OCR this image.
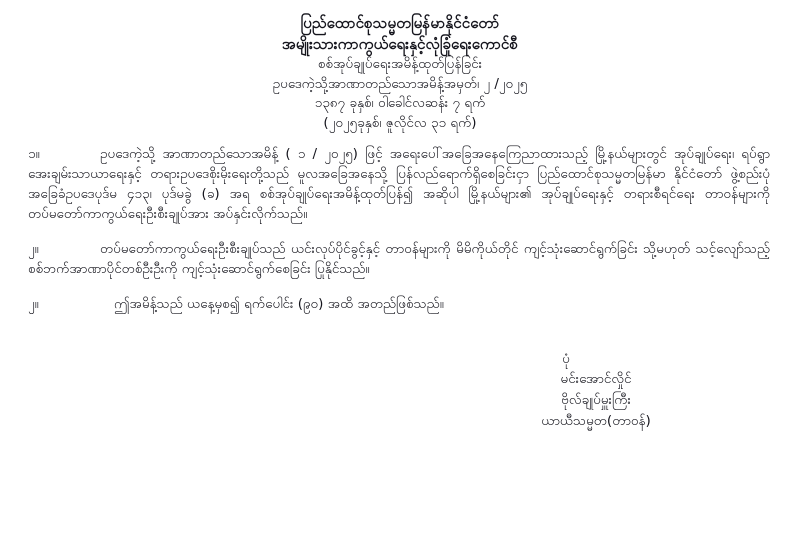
ပြည်ထောင်စုသမ္မတမြန်မာနိုင်ငံတော်
အမျိုးသားကာကွယ်ရေးနှင့်လုံခြုံရေးကောင်စီ
စစ်အုပ်ချုပ်ရေးအမိန့်ထုတ်ပြန်ခြင်း
ဥပဒေကဲ့သို့အာဏာတည်သောအမိန့်အမှတ်၊ ၂ /၂၀၂၅
၁၃၈၇ ခုနှစ်၊ ဝါခေါင်လဆန်း ၇ ရက်
(၂၀၂၅ခုနှစ်၊ ဇူလိုင်လ ၃၁ ရက်)
၁။	ဥပဒေကဲ့သို့ အာဏာတည်သောအမိန့် ( ၁ / ၂၀၂၅) ဖြင့် အရေးပေါ်အခြေအနေကြေညာထားသည့် မြို့နယ်များတွင် အုပ်ချုပ်ရေး၊ ရပ်ရွာအေးချမ်းသာယာရေးနှင့် တရားဥပဒေစိုးမိုးရေးတို့သည် မူလအခြေအနေသို့ ပြန်လည်ရောက်ရှိစေခြင်းငှာ ပြည်ထောင်စုသမ္မတမြန်မာ နိုင်ငံတော် ဖွဲ့စည်းပုံအခြေခံဥပဒေပုဒ်မ ၄၁၃၊ ပုဒ်မခွဲ (ခ) အရ စစ်အုပ်ချုပ်ရေးအမိန့်ထုတ်ပြန်၍ အဆိုပါ မြို့နယ်များ၏ အုပ်ချုပ်ရေးနှင့် တရားစီရင်ရေး တာဝန်များကို တပ်မတော်ကာကွယ်ရေးဦးစီးချုပ်အား အပ်နှင်းလိုက်သည်။
၂။	တပ်မတော်ကာကွယ်ရေးဦးစီးချုပ်သည် ယင်းလုပ်ပိုင်ခွင့်နှင့် တာဝန်များကို မိမိကိုယ်တိုင် ကျင့်သုံးဆောင်ရွက်ခြင်း သို့မဟုတ် သင့်လျော်သည့် စစ်ဘက်အာဏာပိုင်တစ်ဦးဦးကို ကျင့်သုံးဆောင်ရွက်စေခြင်း ပြုနိုင်သည်။
၂။	ဤအမိန့်သည် ယနေ့မှစ၍ ရက်ပေါင်း (၉၀) အထိ အတည်ဖြစ်သည်။
ပုံ
မင်းအောင်လှိုင်
ဗိုလ်ချုပ်မှူးကြီး
ယာယီသမ္မတ(တာဝန်)
